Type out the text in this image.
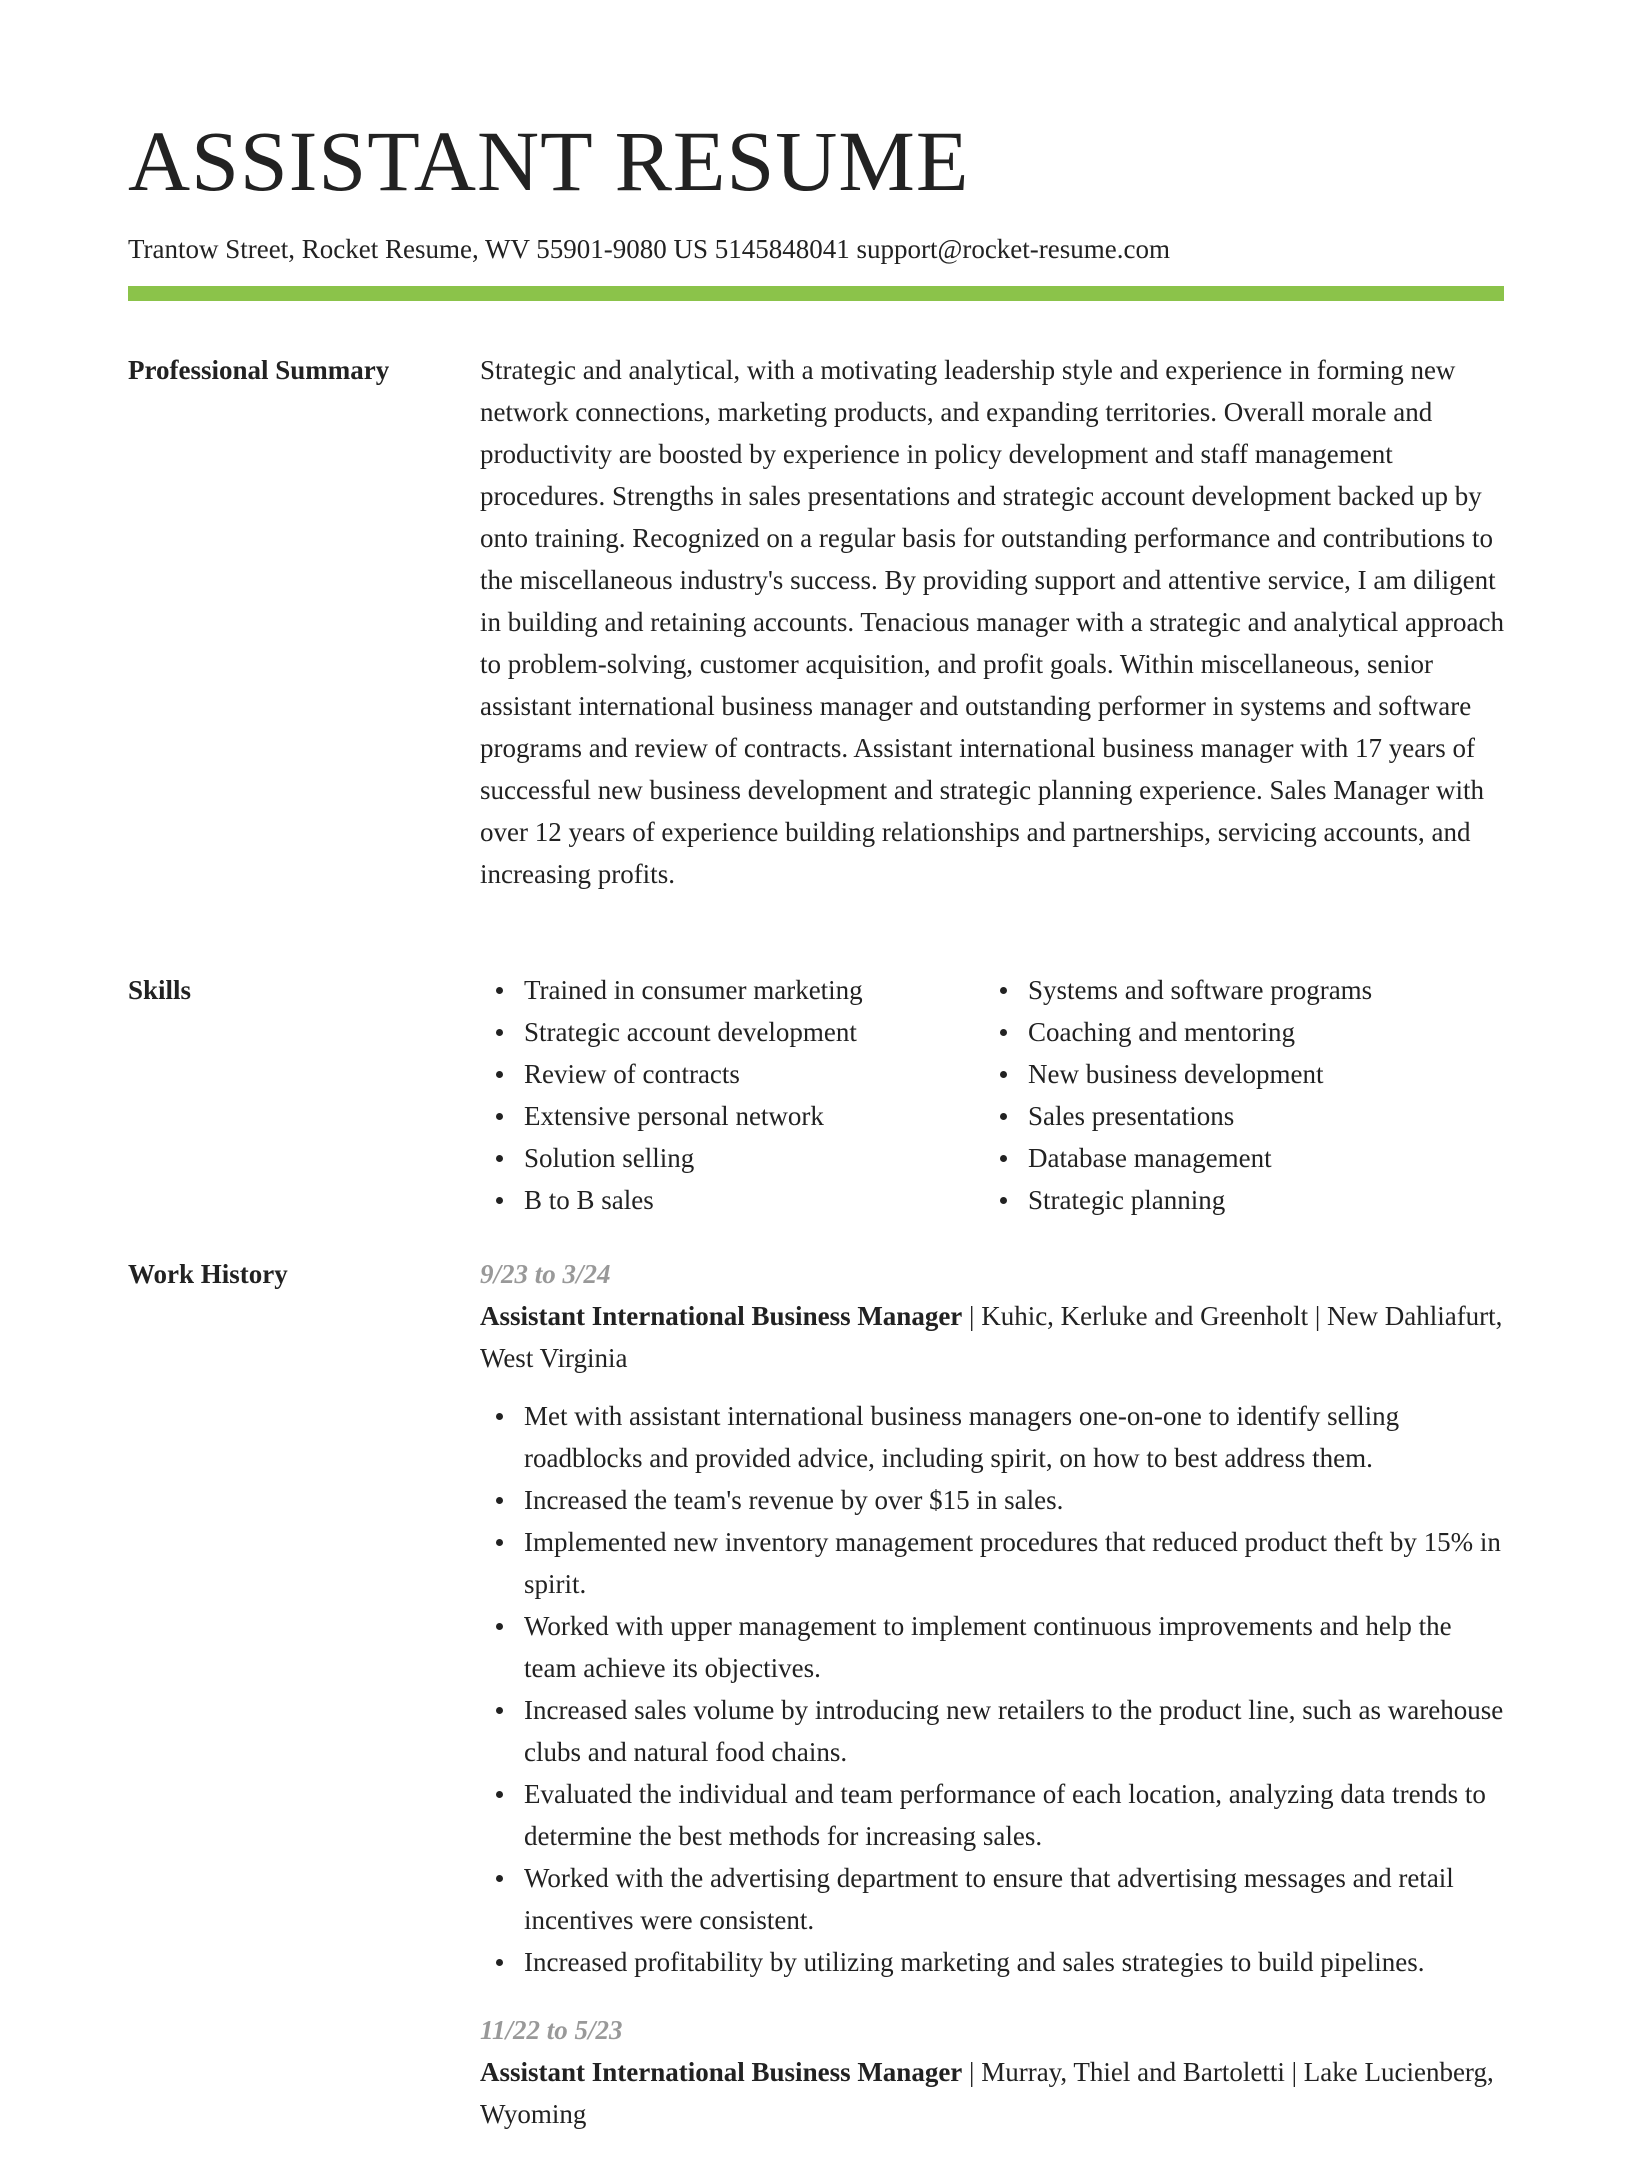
ASSISTANT RESUME
Trantow Street, Rocket Resume, WV 55901-9080 US 5145848041 support@rocket-resume.com
Professional Summary	Strategic and analytical, with a motivating leadership style and experience in forming new network connections, marketing products, and expanding territories. Overall morale and productivity are boosted by experience in policy development and staff management procedures. Strengths in sales presentations and strategic account development backed up by onto training. Recognized on a regular basis for outstanding performance and contributions to the miscellaneous industry's success. By providing support and attentive service, I am diligent in building and retaining accounts. Tenacious manager with a strategic and analytical approach to problem-solving, customer acquisition, and profit goals. Within miscellaneous, senior assistant international business manager and outstanding performer in systems and software programs and review of contracts. Assistant international business manager with 17 years of successful new business development and strategic planning experience. Sales Manager with over 12 years of experience building relationships and partnerships, servicing accounts, and increasing profits.

Skills	Trained in consumer marketing
Strategic account development
Review of contracts
Extensive personal network
Solution selling
B to B sales
Systems and software programs
Coaching and mentoring
New business development
Sales presentations
Database management
Strategic planning
Work History	9/23 to 3/24
Assistant International Business Manager | Kuhic, Kerluke and Greenholt | New Dahliafurt, West Virginia
Met with assistant international business managers one-on-one to identify selling roadblocks and provided advice, including spirit, on how to best address them.
Increased the team's revenue by over $15 in sales.
Implemented new inventory management procedures that reduced product theft by 15% in spirit.
Worked with upper management to implement continuous improvements and help the team achieve its objectives.
Increased sales volume by introducing new retailers to the product line, such as warehouse clubs and natural food chains.
Evaluated the individual and team performance of each location, analyzing data trends to determine the best methods for increasing sales.
Worked with the advertising department to ensure that advertising messages and retail incentives were consistent.
Increased profitability by utilizing marketing and sales strategies to build pipelines.
11/22 to 5/23
Assistant International Business Manager | Murray, Thiel and Bartoletti | Lake Lucienberg, Wyoming
